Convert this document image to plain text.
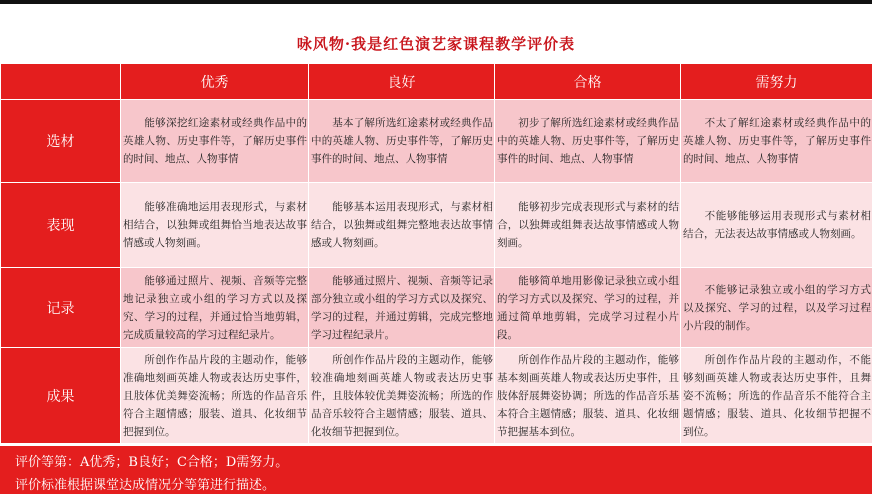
咏风物·我是红色演艺家课程教学评价表
	优秀	良好	合格	需努力
选材	能够深挖红途素材或经典作品中的英雄人物、历史事件等，了解历史事件的时间、地点、人物事情	基本了解所选红途素材或经典作品中的英雄人物、历史事件等，了解历史事件的时间、地点、人物事情	初步了解所选红途素材或经典作品中的英雄人物、历史事件等，了解历史事件的时间、地点、人物事情	不太了解红途素材或经典作品中的英雄人物、历史事件等，了解历史事件的时间、地点、人物事情
表现	能够准确地运用表现形式，与素材相结合，以独舞或组舞恰当地表达故事情感或人物刻画。	能够基本运用表现形式，与素材相结合，以独舞或组舞完整地表达故事情感或人物刻画。	能够初步完成表现形式与素材的结合，以独舞或组舞表达故事情感或人物刻画。	不能够能够运用表现形式与素材相结合，无法表达故事情感或人物刻画。
记录	能够通过照片、视频、音频等完整地记录独立或小组的学习方式以及探究、学习的过程，并通过恰当地剪辑，完成质量较高的学习过程纪录片。	能够通过照片、视频、音频等记录部分独立或小组的学习方式以及探究、学习的过程，并通过剪辑，完成完整地学习过程纪录片。	能够简单地用影像记录独立或小组的学习方式以及探究、学习的过程，并通过简单地剪辑，完成学习过程小片段。	不能够记录独立或小组的学习方式以及探究、学习的过程，以及学习过程小片段的制作。
成果	所创作作品片段的主题动作，能够准确地刻画英雄人物或表达历史事件，且肢体优美舞姿流畅；所选的作品音乐符合主题情感；服装、道具、化妆细节把握到位。	所创作作品片段的主题动作，能够较准确地刻画英雄人物或表达历史事件，且肢体较优美舞姿流畅；所选的作品音乐较符合主题情感；服装、道具、化妆细节把握到位。	所创作作品片段的主题动作，能够基本刻画英雄人物或表达历史事件，且肢体舒展舞姿协调；所选的作品音乐基本符合主题情感；服装、道具、化妆细节把握基本到位。	所创作作品片段的主题动作，不能够刻画英雄人物或表达历史事件，且舞姿不流畅；所选的作品音乐不能符合主题情感；服装、道具、化妆细节把握不到位。
评价等第：A优秀；B良好；C合格；D需努力。
评价标准根据课堂达成情况分等第进行描述。
